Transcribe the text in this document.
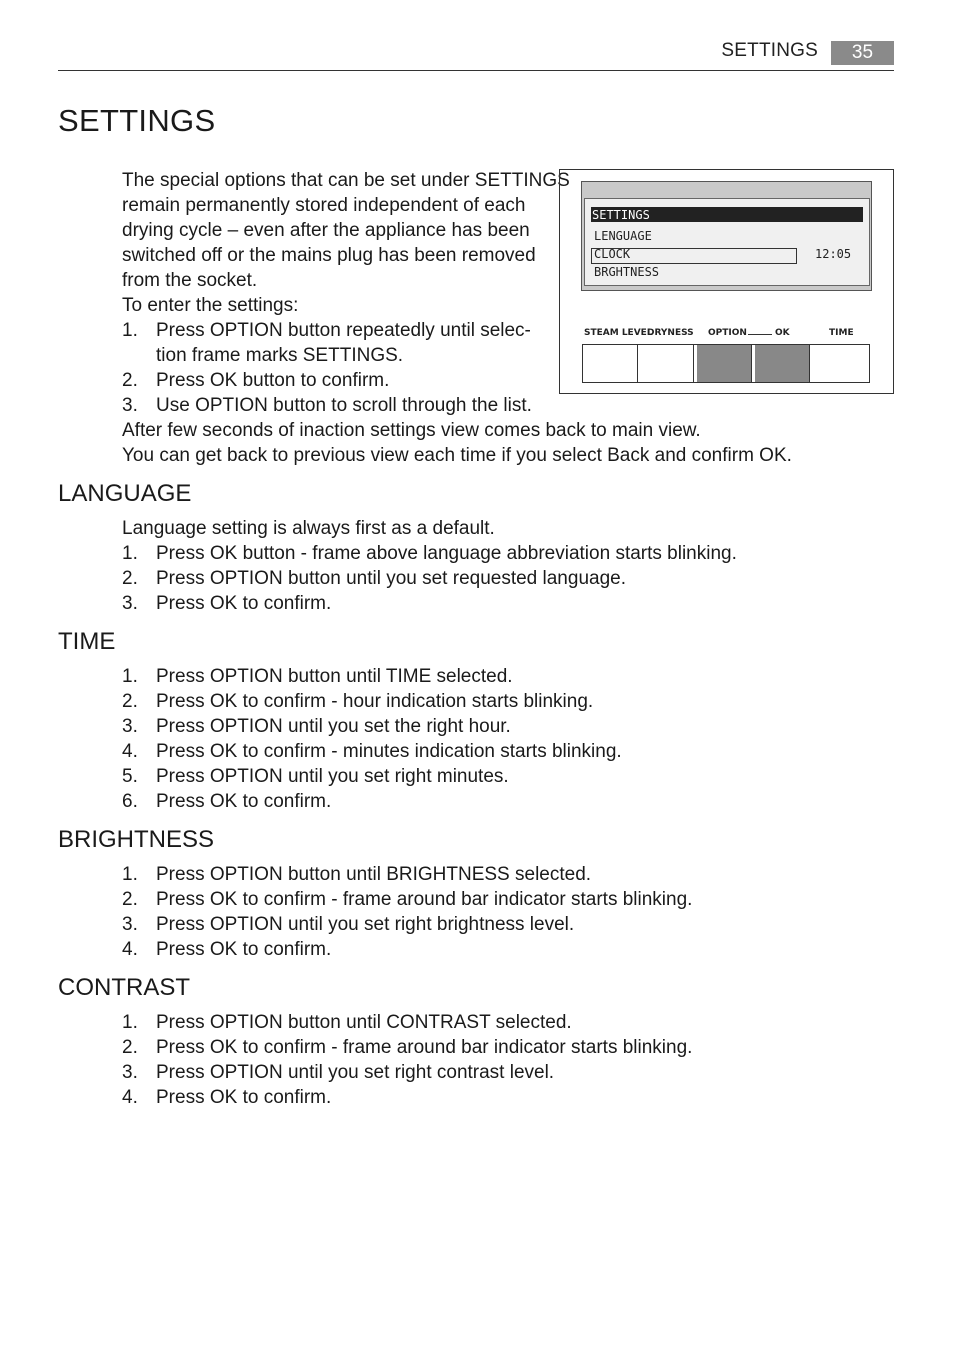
SETTINGS	35
SETTINGS
The special options that can be set under SETTINGS
remain permanently stored independent of each
drying cycle – even after the appliance has been
switched off or the mains plug has been removed
from the socket.
To enter the settings:
1. Press OPTION button repeatedly until selec-
tion frame marks SETTINGS.
2. Press OK button to confirm.
3. Use OPTION button to scroll through the list.
After few seconds of inaction settings view comes back to main view.
You can get back to previous view each time if you select Back and confirm OK.
SETTINGS
LENGUAGE
CLOCK	12:05
BRGHTNESS
STEAM LEVEL
DRYNESS OPTION	OK	TIME
LANGUAGE
Language setting is always first as a default.
1. Press OK button - frame above language abbreviation starts blinking.
2. Press OPTION button until you set requested language.
3. Press OK to confirm.
TIME
1. Press OPTION button until TIME selected.
2. Press OK to confirm - hour indication starts blinking.
3. Press OPTION until you set the right hour.
4. Press OK to confirm - minutes indication starts blinking.
5. Press OPTION until you set right minutes.
6. Press OK to confirm.
BRIGHTNESS
1. Press OPTION button until BRIGHTNESS selected.
2. Press OK to confirm - frame around bar indicator starts blinking.
3. Press OPTION until you set right brightness level.
4. Press OK to confirm.
CONTRAST
1. Press OPTION button until CONTRAST selected.
2. Press OK to confirm - frame around bar indicator starts blinking.
3. Press OPTION until you set right contrast level.
4. Press OK to confirm.
